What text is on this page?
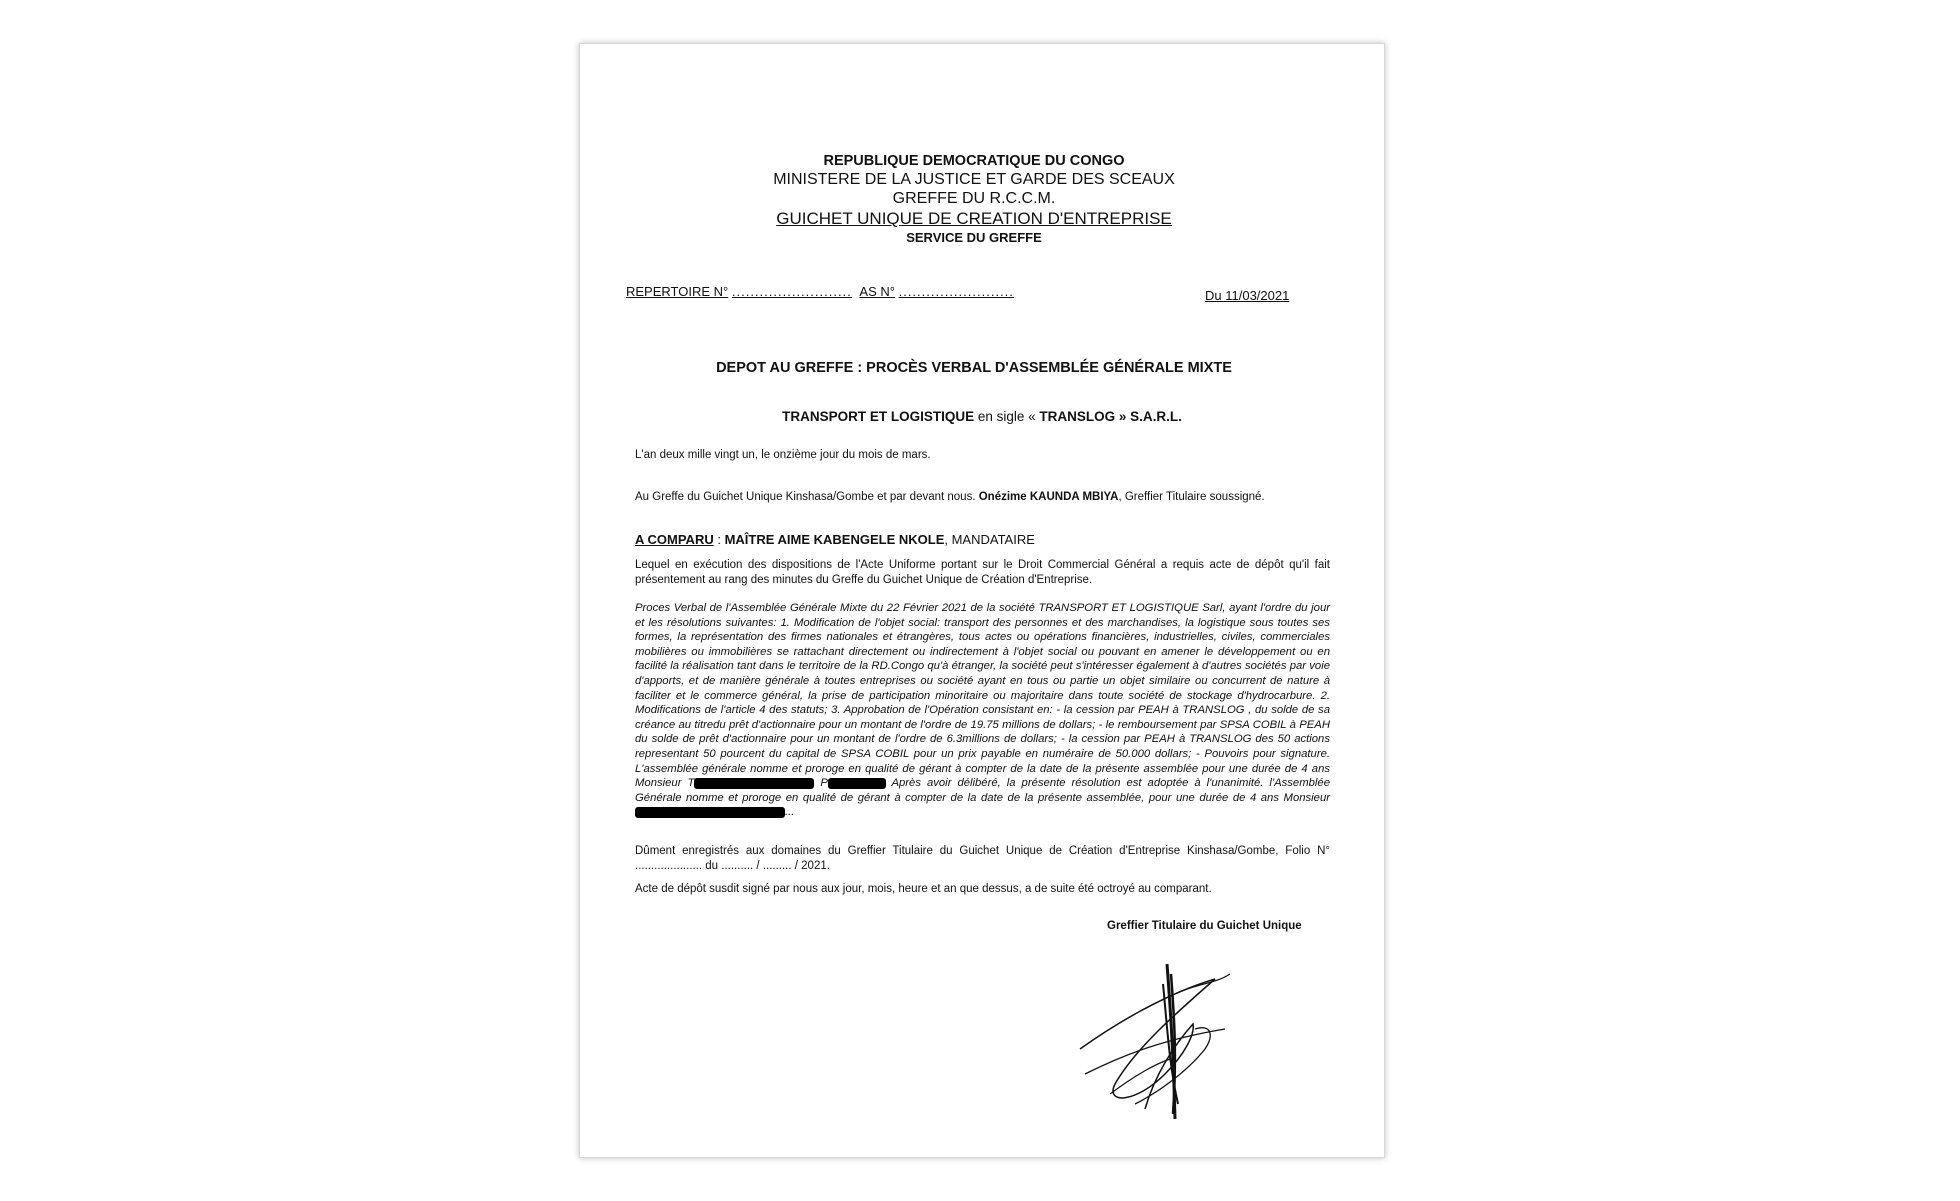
REPUBLIQUE DEMOCRATIQUE DU CONGO
MINISTERE DE LA JUSTICE ET GARDE DES SCEAUX
GREFFE DU R.C.C.M.
GUICHET UNIQUE DE CREATION D'ENTREPRISE
SERVICE DU GREFFE
REPERTOIRE N° .......................... AS N° .........................	Du 11/03/2021
DEPOT AU GREFFE : PROCÈS VERBAL D'ASSEMBLÉE GÉNÉRALE MIXTE
TRANSPORT ET LOGISTIQUE en sigle « TRANSLOG » S.A.R.L.
L'an deux mille vingt un, le onzième jour du mois de mars.
Au Greffe du Guichet Unique Kinshasa/Gombe et par devant nous. Onézime KAUNDA MBIYA, Greffier Titulaire soussigné.
A COMPARU : MAÎTRE AIME KABENGELE NKOLE, MANDATAIRE
Lequel en exécution des dispositions de l'Acte Uniforme portant sur le Droit Commercial Général a requis acte de dépôt qu'il fait présentement au rang des minutes du Greffe du Guichet Unique de Création d'Entreprise.
Proces Verbal de l'Assemblée Générale Mixte du 22 Février 2021 de la société TRANSPORT ET LOGISTIQUE Sarl, ayant l'ordre du jour et les résolutions suivantes: 1. Modification de l'objet social: transport des personnes et des marchandises, la logistique sous toutes ses formes, la représentation des firmes nationales et étrangères, tous actes ou opérations financières, industrielles, civiles, commerciales mobilières ou immobilières se rattachant directement ou indirectement à l'objet social ou pouvant en amener le développement ou en facilité la réalisation tant dans le territoire de la RD.Congo qu'à étranger, la société peut s'intéresser également à d'autres sociétés par voie d'apports, et de manière générale à toutes entreprises ou société ayant en tous ou partie un objet similaire ou concurrent de nature à faciliter et le commerce général, la prise de participation minoritaire ou majoritaire dans toute société de stockage d'hydrocarbure. 2. Modifications de l'article 4 des statuts; 3. Approbation de l'Opération consistant en: - la cession par PEAH à TRANSLOG , du solde de sa créance au titredu prêt d'actionnaire pour un montant de l'ordre de 19.75 millions de dollars; - le remboursement par SPSA COBIL à PEAH du solde de prêt d'actionnaire pour un montant de l'ordre de 6.3millions de dollars; - la cession par PEAH à TRANSLOG des 50 actions representant 50 pourcent du capital de SPSA COBIL pour un prix payable en numéraire de 50.000 dollars; - Pouvoirs pour signature. L'assemblée générale nomme et proroge en qualité de gérant à compter de la date de la présente assemblée pour une durée de 4 ans Monsieur T	P	Après avoir délibéré, la présente résolution est adoptée à l'unanimité. l'Assemblée Générale nomme et proroge en qualité de gérant à compter de la date de la présente assemblée, pour une durée de 4 ans Monsieur...
Dûment enregistrés aux domaines du Greffier Titulaire du Guichet Unique de Création d'Entreprise Kinshasa/Gombe, Folio N° ..................... du .......... / ......... / 2021.
Acte de dépôt susdit signé par nous aux jour, mois, heure et an que dessus, a de suite été octroyé au comparant.
Greffier Titulaire du Guichet Unique
